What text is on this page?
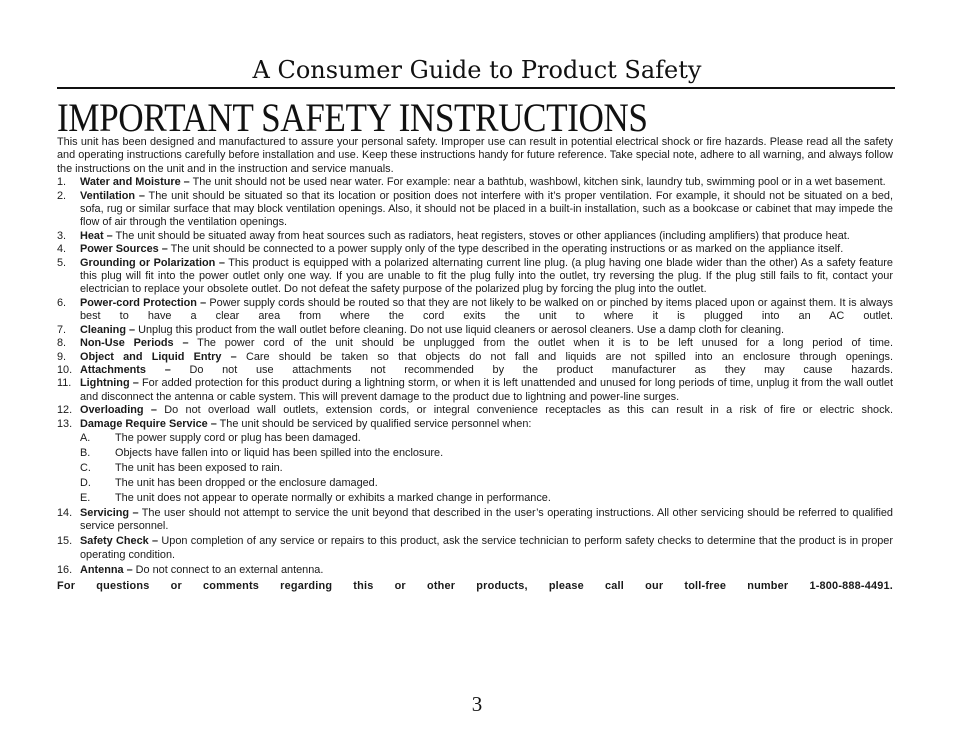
A Consumer Guide to Product Safety
IMPORTANT SAFETY INSTRUCTIONS

This unit has been designed and manufactured to assure your personal safety. Improper use can result in potential electrical shock or fire hazards. Please read all the safety and operating instructions carefully before installation and use. Keep these instructions handy for future reference. Take special note, adhere to all warning, and always follow the instructions on the unit and in the instruction and service manuals.

1. Water and Moisture – The unit should not be used near water. For example: near a bathtub, washbowl, kitchen sink, laundry tub, swimming pool or in a wet basement.
2. Ventilation – The unit should be situated so that its location or position does not interfere with it’s proper ventilation. For example, it should not be situated on a bed, sofa, rug or similar surface that may block ventilation openings. Also, it should not be placed in a built-in installation, such as a bookcase or cabinet that may impede the flow of air through the ventilation openings.
3. Heat – The unit should be situated away from heat sources such as radiators, heat registers, stoves or other appliances (including amplifiers) that produce heat.
4. Power Sources – The unit should be connected to a power supply only of the type described in the operating instructions or as marked on the appliance itself.
5. Grounding or Polarization – This product is equipped with a polarized alternating current line plug. (a plug having one blade wider than the other) As a safety feature this plug will fit into the power outlet only one way. If you are unable to fit the plug fully into the outlet, try reversing the plug. If the plug still fails to fit, contact your electrician to replace your obsolete outlet. Do not defeat the safety purpose of the polarized plug by forcing the plug into the outlet.
6. Power-cord Protection – Power supply cords should be routed so that they are not likely to be walked on or pinched by items placed upon or against them. It is always best to have a clear area from where the cord exits the unit to where it is plugged into an AC outlet.
7. Cleaning – Unplug this product from the wall outlet before cleaning. Do not use liquid cleaners or aerosol cleaners. Use a damp cloth for cleaning.
8. Non-Use Periods – The power cord of the unit should be unplugged from the outlet when it is to be left unused for a long period of time.
9. Object and Liquid Entry – Care should be taken so that objects do not fall and liquids are not spilled into an enclosure through openings.
10. Attachments – Do not use attachments not recommended by the product manufacturer as they may cause hazards.
11. Lightning – For added protection for this product during a lightning storm, or when it is left unattended and unused for long periods of time, unplug it from the wall outlet and disconnect the antenna or cable system. This will prevent damage to the product due to lightning and power-line surges.
12. Overloading – Do not overload wall outlets, extension cords, or integral convenience receptacles as this can result in a risk of fire or electric shock.
13. Damage Require Service – The unit should be serviced by qualified service personnel when:
A. The power supply cord or plug has been damaged.
B. Objects have fallen into or liquid has been spilled into the enclosure.
C. The unit has been exposed to rain.
D. The unit has been dropped or the enclosure damaged.
E. The unit does not appear to operate normally or exhibits a marked change in performance.
14. Servicing – The user should not attempt to service the unit beyond that described in the user’s operating instructions. All other servicing should be referred to qualified service personnel.
15. Safety Check – Upon completion of any service or repairs to this product, ask the service technician to perform safety checks to determine that the product is in proper operating condition.
16. Antenna – Do not connect to an external antenna.
For questions or comments regarding this or other products, please call our toll-free number 1-800-888-4491.
3
